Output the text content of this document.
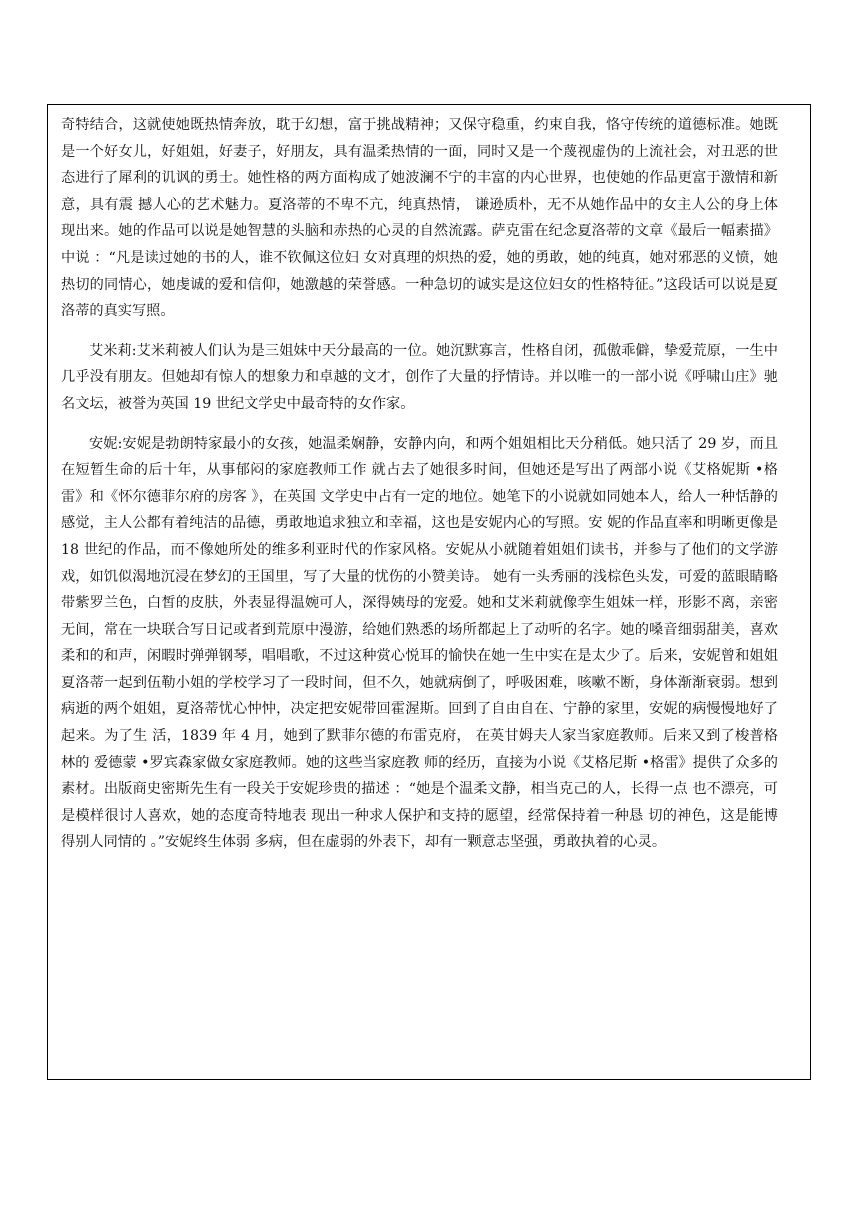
奇特结合，这就使她既热情奔放，耽于幻想，富于挑战精神；又保守稳重，约束自我，恪守传统的道德标准。她既是一个好女儿，好姐姐，好妻子，好朋友，具有温柔热情的一面，同时又是一个蔑视虚伪的上流社会，对丑恶的世态进行了犀利的讥讽的勇士。她性格的两方面构成了她波澜不宁的丰富的内心世界，也使她的作品更富于激情和新意，具有震 撼人心的艺术魅力。夏洛蒂的不卑不亢，纯真热情， 谦逊质朴，无不从她作品中的女主人公的身上体现出来。她的作品可以说是她智慧的头脑和赤热的心灵的自然流露。萨克雷在纪念夏洛蒂的文章《最后一幅素描》中说 ：“凡是读过她的书的人，谁不钦佩这位妇 女对真理的炽热的爱，她的勇敢，她的纯真，她对邪恶的义愤，她热切的同情心，她虔诚的爱和信仰，她激越的荣誉感。一种急切的诚实是这位妇女的性格特征。”这段话可以说是夏洛蒂的真实写照。

艾米莉:艾米莉被人们认为是三姐妹中天分最高的一位。她沉默寡言，性格自闭，孤傲乖僻，挚爱荒原，一生中几乎没有朋友。但她却有惊人的想象力和卓越的文才，创作了大量的抒情诗。并以唯一的一部小说《呼啸山庄》驰名文坛，被誉为英国 19 世纪文学史中最奇特的女作家。

安妮:安妮是勃朗特家最小的女孩，她温柔娴静，安静内向，和两个姐姐相比天分稍低。她只活了 29 岁，而且在短暂生命的后十年，从事郁闷的家庭教师工作 就占去了她很多时间，但她还是写出了两部小说《艾格妮斯 •格雷》和《怀尔德菲尔府的房客 》，在英国 文学史中占有一定的地位。她笔下的小说就如同她本人，给人一种恬静的感觉，主人公都有着纯洁的品德，勇敢地追求独立和幸福，这也是安妮内心的写照。安 妮的作品直率和明晰更像是 18 世纪的作品，而不像她所处的维多利亚时代的作家风格。安妮从小就随着姐姐们读书，并参与了他们的文学游戏，如饥似渴地沉浸在梦幻的王国里，写了大量的忧伤的小赞美诗。 她有一头秀丽的浅棕色头发，可爱的蓝眼睛略带紫罗兰色，白皙的皮肤，外表显得温婉可人，深得姨母的宠爱。她和艾米莉就像孪生姐妹一样，形影不离，亲密无间，常在一块联合写日记或者到荒原中漫游，给她们熟悉的场所都起上了动听的名字。她的嗓音细弱甜美，喜欢柔和的和声，闲暇时弹弹钢琴，唱唱歌，不过这种赏心悦耳的愉快在她一生中实在是太少了。后来，安妮曾和姐姐夏洛蒂一起到伍勒小姐的学校学习了一段时间，但不久，她就病倒了，呼吸困难，咳嗽不断，身体渐渐衰弱。想到病逝的两个姐姐，夏洛蒂忧心忡忡，决定把安妮带回霍渥斯。回到了自由自在、宁静的家里，安妮的病慢慢地好了起来。为了生 活，1839 年 4 月，她到了默菲尔德的布雷克府， 在英甘姆夫人家当家庭教师。后来又到了梭普格林的 爱德蒙 •罗宾森家做女家庭教师。她的这些当家庭教 师的经历，直接为小说《艾格尼斯 •格雷》提供了众多的素材。出版商史密斯先生有一段关于安妮珍贵的描述 ：“她是个温柔文静，相当克己的人，长得一点 也不漂亮，可是模样很讨人喜欢，她的态度奇特地表 现出一种求人保护和支持的愿望，经常保持着一种恳 切的神色，这是能博得别人同情的 。”安妮终生体弱 多病，但在虚弱的外表下，却有一颗意志坚强，勇敢执着的心灵。
